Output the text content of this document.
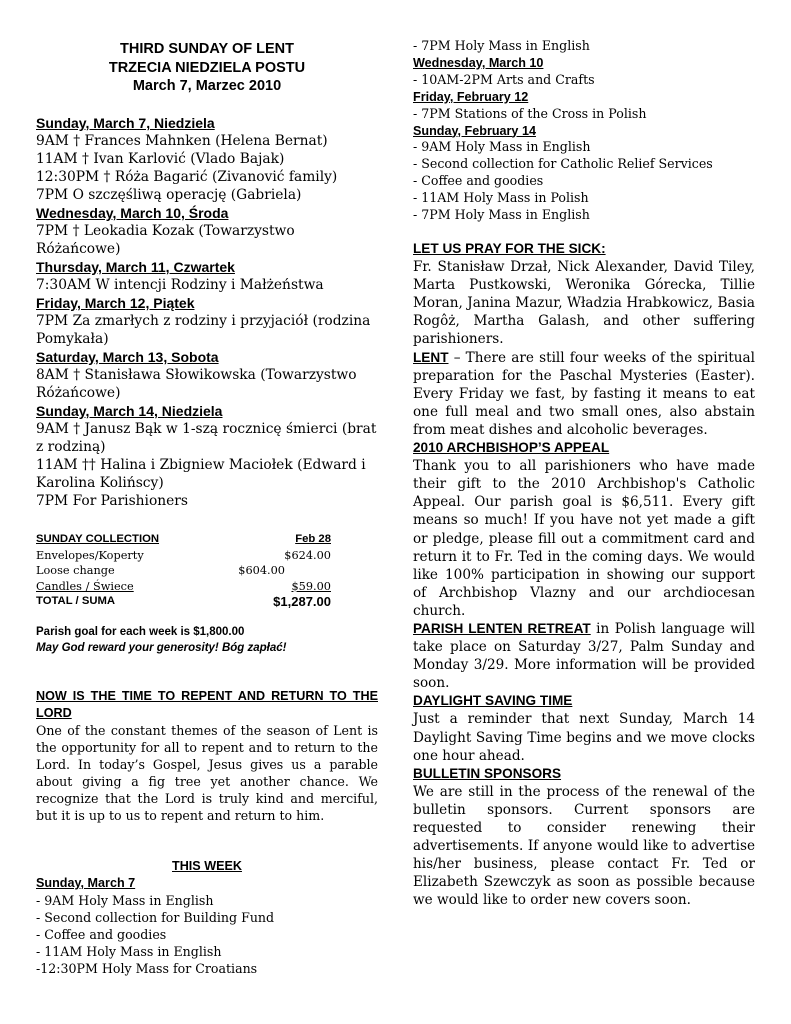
THIRD SUNDAY OF LENT
TRZECIA NIEDZIELA POSTU
March 7, Marzec 2010
Sunday, March 7, Niedziela
9AM † Frances Mahnken (Helena Bernat)
11AM † Ivan Karlović (Vlado Bajak)
12:30PM † Róża Bagarić (Zivanović family)
7PM O szczęśliwą operację (Gabriela)
Wednesday, March 10, Środa
7PM † Leokadia Kozak (Towarzystwo Różańcowe)
Thursday, March 11, Czwartek
7:30AM W intencji Rodziny i Małżeństwa
Friday, March 12, Piątek
7PM Za zmarłych z rodziny i przyjaciół (rodzina Pomykała)
Saturday, March 13, Sobota
8AM † Stanisława Słowikowska (Towarzystwo Różańcowe)
Sunday, March 14, Niedziela
9AM † Janusz Bąk w 1-szą rocznicę śmierci (brat z rodziną)
11AM †† Halina i Zbigniew Maciołek (Edward i Karolina Kolińscy)
7PM For Parishioners
SUNDAY COLLECTION	Feb 28
Envelopes/Koperty	$624.00
Loose change	$604.00
Candles / Świece	$59.00
TOTAL / SUMA	$1,287.00
Parish goal for each week is $1,800.00
May God reward your generosity! Bóg zapłać!
NOW IS THE TIME TO REPENT AND RETURN TO THE LORD

One of the constant themes of the season of Lent is the opportunity for all to repent and to return to the Lord. In today’s Gospel, Jesus gives us a parable about giving a fig tree yet another chance. We recognize that the Lord is truly kind and merciful, but it is up to us to repent and return to him.

THIS WEEK
Sunday, March 7
- 9AM Holy Mass in English
- Second collection for Building Fund
- Coffee and goodies
- 11AM Holy Mass in English
-12:30PM Holy Mass for Croatians
- 7PM Holy Mass in English
Wednesday, March 10
- 10AM-2PM Arts and Crafts
Friday, February 12
- 7PM Stations of the Cross in Polish
Sunday, February 14
- 9AM Holy Mass in English
- Second collection for Catholic Relief Services
- Coffee and goodies
- 11AM Holy Mass in Polish
- 7PM Holy Mass in English
LET US PRAY FOR THE SICK:

Fr. Stanisław Drzał, Nick Alexander, David Tiley, Marta Pustkowski, Weronika Górecka, Tillie Moran, Janina Mazur, Władzia Hrabkowicz, Basia Rogôż, Martha Galash, and other suffering parishioners.

LENT – There are still four weeks of the spiritual preparation for the Paschal Mysteries (Easter). Every Friday we fast, by fasting it means to eat one full meal and two small ones, also abstain from meat dishes and alcoholic beverages.

2010 ARCHBISHOP’S APPEAL

Thank you to all parishioners who have made their gift to the 2010 Archbishop's Catholic Appeal. Our parish goal is $6,511. Every gift means so much! If you have not yet made a gift or pledge, please fill out a commitment card and return it to Fr. Ted in the coming days. We would like 100% participation in showing our support of Archbishop Vlazny and our archdiocesan church.

PARISH LENTEN RETREAT in Polish language will take place on Saturday 3/27, Palm Sunday and Monday 3/29. More information will be provided soon.

DAYLIGHT SAVING TIME

Just a reminder that next Sunday, March 14 Daylight Saving Time begins and we move clocks one hour ahead.

BULLETIN SPONSORS

We are still in the process of the renewal of the bulletin sponsors. Current sponsors are requested to consider renewing their advertisements. If anyone would like to advertise his/her business, please contact Fr. Ted or Elizabeth Szewczyk as soon as possible because we would like to order new covers soon.
